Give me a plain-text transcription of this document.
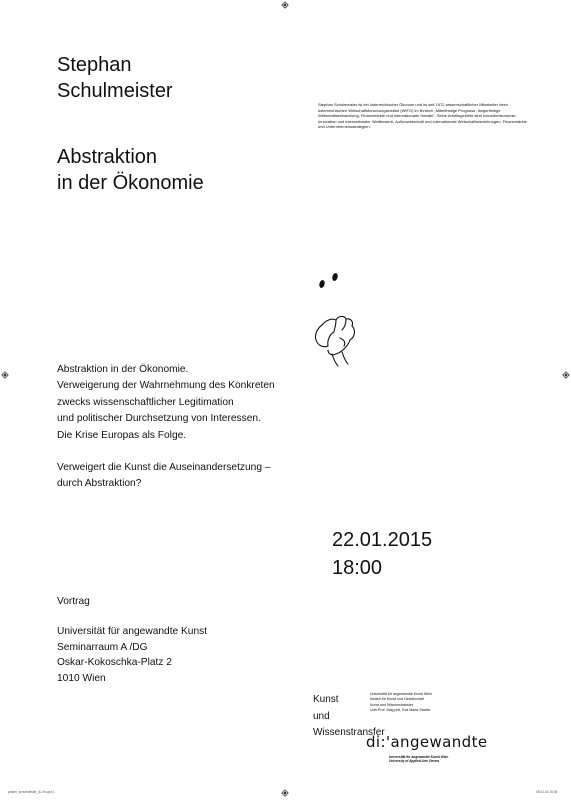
Stephan
Schulmeister
Abstraktion
in der Ökonomie
Stephan Schulmeister ist ein österreichischer Ökonom und ist seit 1972 wissenschaftlicher Mitarbeiter beim österreichischen Wirtschaftsforschungsinstitut (WIFO) im Bereich „Mittelfristige Prognose, längerfristige Wirtschaftsentwicklung, Finanzmärkte und internationaler Handel“. Seine Arbeitsgebiete sind Industrieökonomie, Innovation und internationaler Wettbewerb, Außenwirtschaft und internationale Wirtschaftsbeziehungen, Finanzmärkte und Unternehmensstrategien.
Abstraktion in der Ökonomie.
Verweigerung der Wahrnehmung des Konkreten
zwecks wissenschaftlicher Legitimation
und politischer Durchsetzung von Interessen.
Die Krise Europas als Folge.
Verweigert die Kunst die Auseinandersetzung –
durch Abstraktion?
22.01.2015
18:00
Vortrag
Universität für angewandte Kunst
Seminarraum A /DG
Oskar-Kokoschka-Platz 2
1010 Wien
Kunst
und
Wissenstransfer
Universität für angewandte Kunst Wien
Institut für Kunst und Gesellschaft
Kunst und Wissenstransfer
Univ.Prof. Mag.phil. Eva Maria Stadler
di:'angewandte
Universität für angewandte Kunst Wien
University of Applied Arts Vienna
poster_schulmeister_A1 fb.qxd 1	08.01.15 16:35
